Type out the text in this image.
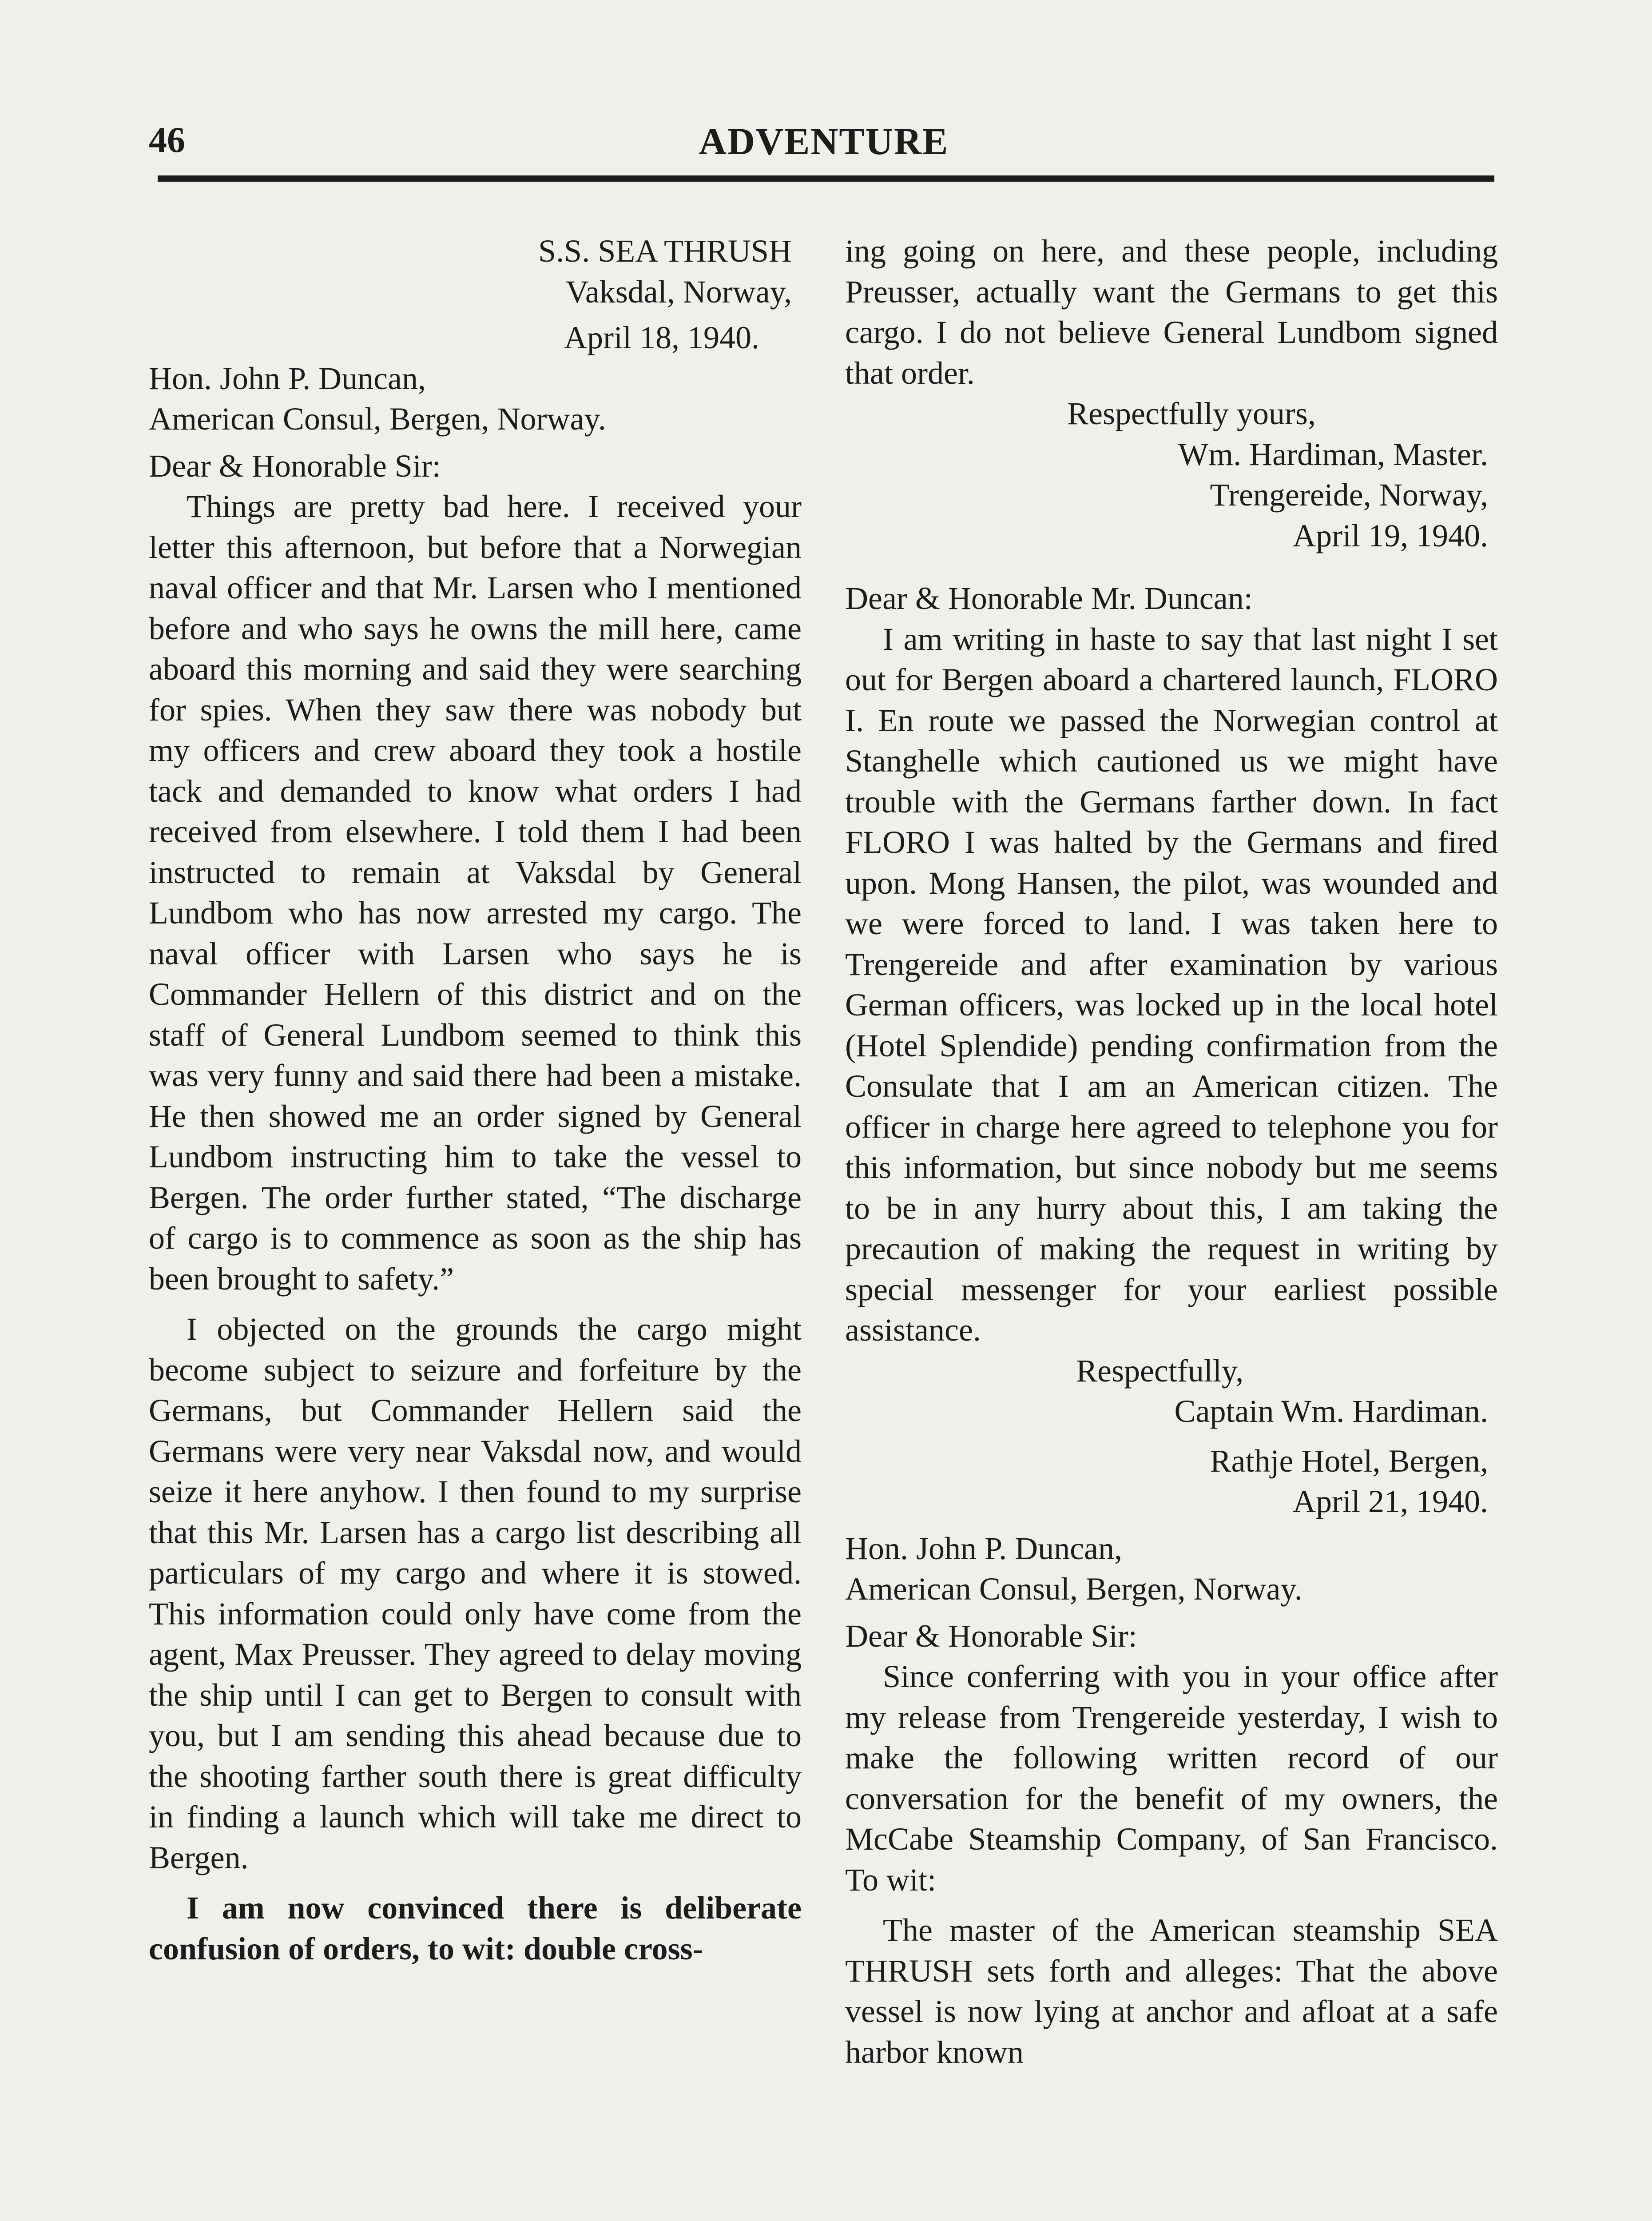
46	ADVENTURE
S.S. SEA THRUSH
Vaksdal, Norway,
April 18, 1940.
Hon. John P. Duncan,
American Consul, Bergen, Norway.
Dear & Honorable Sir:

Things are pretty bad here. I received your letter this afternoon, but before that a Norwegian naval officer and that Mr. Larsen who I mentioned before and who says he owns the mill here, came aboard this morning and said they were searching for spies. When they saw there was nobody but my officers and crew aboard they took a hostile tack and demanded to know what orders I had received from elsewhere. I told them I had been instructed to remain at Vaksdal by General Lundbom who has now arrested my cargo. The naval officer with Larsen who says he is Commander Hellern of this district and on the staff of General Lundbom seemed to think this was very funny and said there had been a mistake. He then showed me an order signed by General Lundbom instructing him to take the vessel to Bergen. The order further stated, “The discharge of cargo is to commence as soon as the ship has been brought to safety.”

I objected on the grounds the cargo might become subject to seizure and forfeiture by the Germans, but Commander Hellern said the Germans were very near Vaksdal now, and would seize it here anyhow. I then found to my surprise that this Mr. Larsen has a cargo list describing all particulars of my cargo and where it is stowed. This information could only have come from the agent, Max Preusser. They agreed to delay moving the ship until I can get to Bergen to consult with you, but I am sending this ahead because due to the shooting farther south there is great difficulty in finding a launch which will take me direct to Bergen.

I am now convinced there is deliberate confusion of orders, to wit: double cross-

ing going on here, and these people, including Preusser, actually want the Germans to get this cargo. I do not believe General Lundbom signed that order.

Respectfully yours,
Wm. Hardiman, Master.
Trengereide, Norway,
April 19, 1940.
Dear & Honorable Mr. Duncan:

I am writing in haste to say that last night I set out for Bergen aboard a chartered launch, FLORO I. En route we passed the Norwegian control at Stanghelle which cautioned us we might have trouble with the Germans farther down. In fact FLORO I was halted by the Germans and fired upon. Mong Hansen, the pilot, was wounded and we were forced to land. I was taken here to Trengereide and after examination by various German officers, was locked up in the local hotel (Hotel Splendide) pending confirmation from the Consulate that I am an American citizen. The officer in charge here agreed to telephone you for this information, but since nobody but me seems to be in any hurry about this, I am taking the precaution of making the request in writing by special messenger for your earliest possible assistance.

Respectfully,
Captain Wm. Hardiman.
Rathje Hotel, Bergen,
April 21, 1940.
Hon. John P. Duncan,
American Consul, Bergen, Norway.
Dear & Honorable Sir:

Since conferring with you in your office after my release from Trengereide yesterday, I wish to make the following written record of our conversation for the benefit of my owners, the McCabe Steamship Company, of San Francisco. To wit:

The master of the American steamship SEA THRUSH sets forth and alleges: That the above vessel is now lying at anchor and afloat at a safe harbor known
